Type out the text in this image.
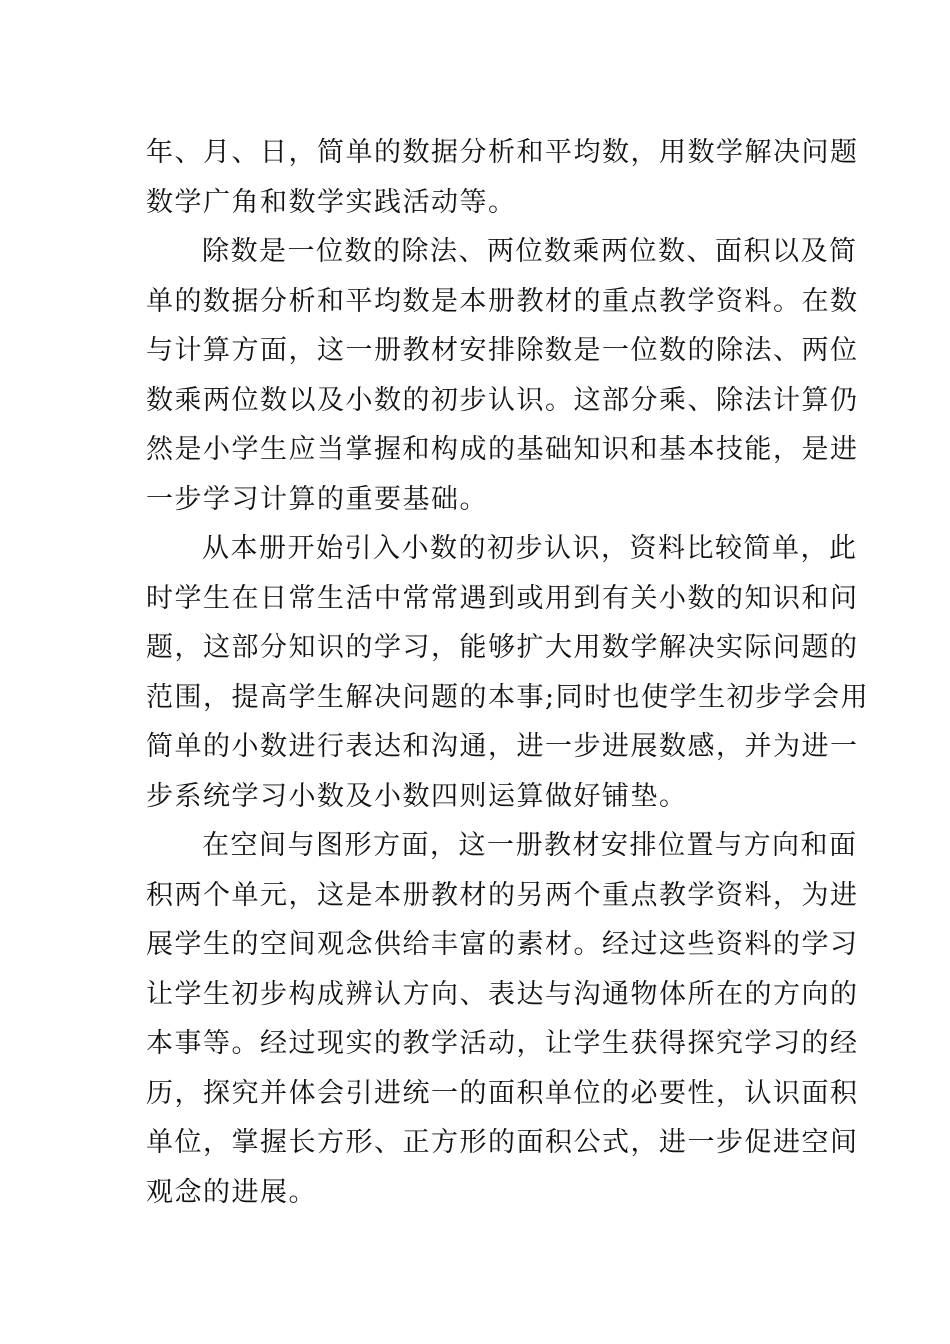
年、月、日，简单的数据分析和平均数，用数学解决问题
数学广角和数学实践活动等。

除数是一位数的除法、两位数乘两位数、面积以及简
单的数据分析和平均数是本册教材的重点教学资料。在数
与计算方面，这一册教材安排除数是一位数的除法、两位
数乘两位数以及小数的初步认识。这部分乘、除法计算仍
然是小学生应当掌握和构成的基础知识和基本技能，是进
一步学习计算的重要基础。

从本册开始引入小数的初步认识，资料比较简单，此
时学生在日常生活中常常遇到或用到有关小数的知识和问
题，这部分知识的学习，能够扩大用数学解决实际问题的
范围，提高学生解决问题的本事;同时也使学生初步学会用
简单的小数进行表达和沟通，进一步进展数感，并为进一
步系统学习小数及小数四则运算做好铺垫。

在空间与图形方面，这一册教材安排位置与方向和面
积两个单元，这是本册教材的另两个重点教学资料，为进
展学生的空间观念供给丰富的素材。经过这些资料的学习
让学生初步构成辨认方向、表达与沟通物体所在的方向的
本事等。经过现实的教学活动，让学生获得探究学习的经
历，探究并体会引进统一的面积单位的必要性，认识面积
单位，掌握长方形、正方形的面积公式，进一步促进空间
观念的进展。
